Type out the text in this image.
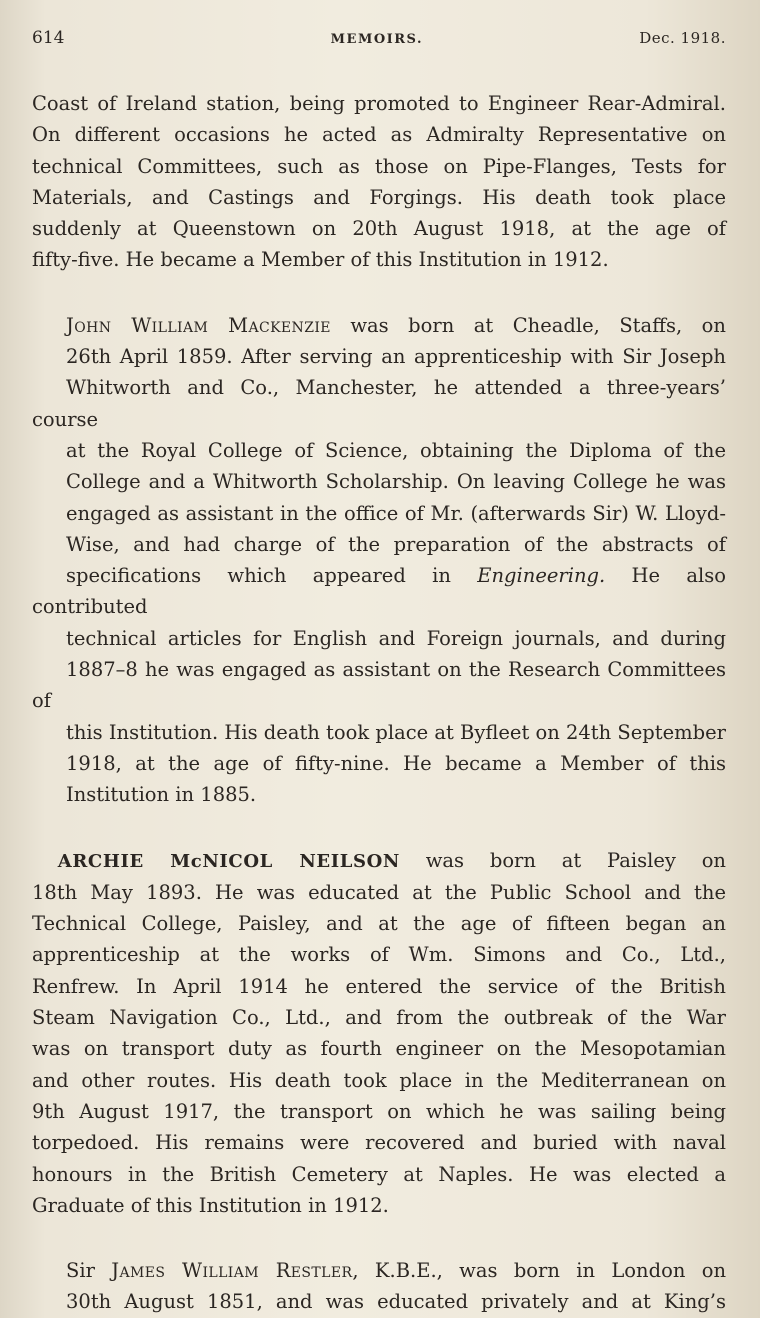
614	MEMOIRS.	Dec. 1918.
Coast of Ireland station, being promoted to Engineer Rear-Admiral.
On different occasions he acted as Admiralty Representative on
technical Committees, such as those on Pipe-Flanges, Tests for
Materials, and Castings and Forgings. His death took place
suddenly at Queenstown on 20th August 1918, at the age of
fifty-five. He became a Member of this Institution in 1912.
John William Mackenzie was born at Cheadle, Staffs, on
26th April 1859. After serving an apprenticeship with Sir Joseph
Whitworth and Co., Manchester, he attended a three-years’ course
at the Royal College of Science, obtaining the Diploma of the
College and a Whitworth Scholarship. On leaving College he was
engaged as assistant in the office of Mr. (afterwards Sir) W. Lloyd-
Wise, and had charge of the preparation of the abstracts of
specifications which appeared in Engineering. He also contributed
technical articles for English and Foreign journals, and during
1887–8 he was engaged as assistant on the Research Committees of
this Institution. His death took place at Byfleet on 24th September
1918, at the age of fifty-nine. He became a Member of this
Institution in 1885.
ARCHIE McNICOL NEILSON was born at Paisley on
18th May 1893. He was educated at the Public School and the
Technical College, Paisley, and at the age of fifteen began an
apprenticeship at the works of Wm. Simons and Co., Ltd.,
Renfrew. In April 1914 he entered the service of the British
Steam Navigation Co., Ltd., and from the outbreak of the War
was on transport duty as fourth engineer on the Mesopotamian
and other routes. His death took place in the Mediterranean on
9th August 1917, the transport on which he was sailing being
torpedoed. His remains were recovered and buried with naval
honours in the British Cemetery at Naples. He was elected a
Graduate of this Institution in 1912.
Sir James William Restler, K.B.E., was born in London on
30th August 1851, and was educated privately and at King’s
